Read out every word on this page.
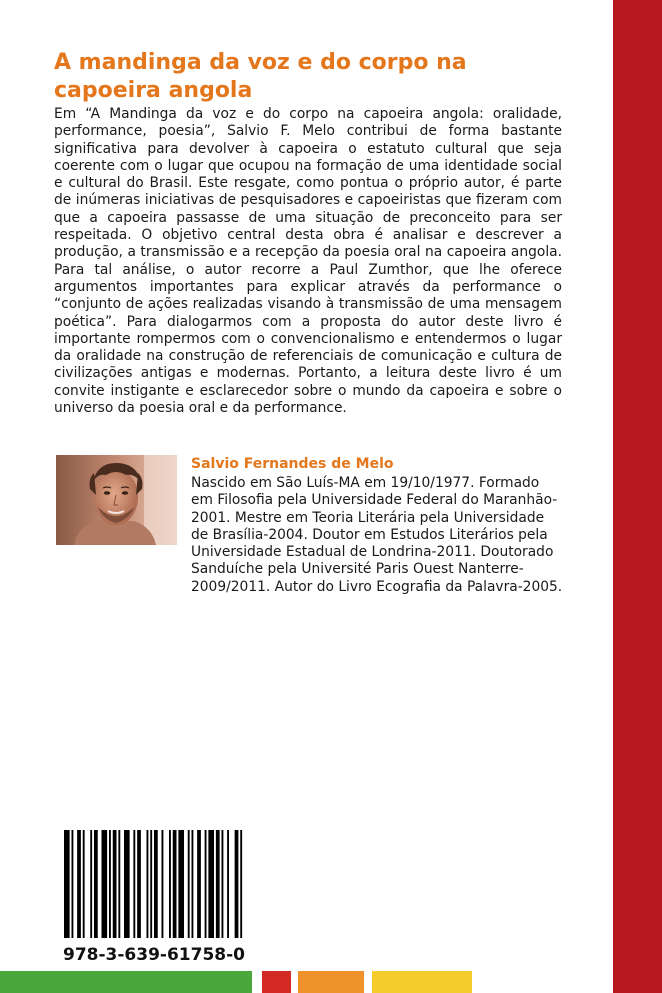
A mandinga da voz e do corpo na capoeira angola

Em “A Mandinga da voz e do corpo na capoeira angola: oralidade, performance, poesia”, Salvio F. Melo contribui de forma bastante significativa para devolver à capoeira o estatuto cultural que seja coerente com o lugar que ocupou na formação de uma identidade social e cultural do Brasil. Este resgate, como pontua o próprio autor, é parte de inúmeras iniciativas de pesquisadores e capoeiristas que fizeram com que a capoeira passasse de uma situação de preconceito para ser respeitada. O objetivo central desta obra é analisar e descrever a produção, a transmissão e a recepção da poesia oral na capoeira angola. Para tal análise, o autor recorre a Paul Zumthor, que lhe oferece argumentos importantes para explicar através da performance o “conjunto de ações realizadas visando à transmissão de uma mensagem poética”. Para dialogarmos com a proposta do autor deste livro é importante rompermos com o convencionalismo e entendermos o lugar da oralidade na construção de referenciais de comunicação e cultura de civilizações antigas e modernas. Portanto, a leitura deste livro é um convite instigante e esclarecedor sobre o mundo da capoeira e sobre o universo da poesia oral e da performance.

Salvio Fernandes de Melo

Nascido em São Luís-MA em 19/10/1977. Formado em Filosofia pela Universidade Federal do Maranhão-2001. Mestre em Teoria Literária pela Universidade de Brasília-2004. Doutor em Estudos Literários pela Universidade Estadual de Londrina-2011. Doutorado Sanduíche pela Université Paris Ouest Nanterre-2009/2011. Autor do Livro Ecografia da Palavra-2005.

978-3-639-61758-0
